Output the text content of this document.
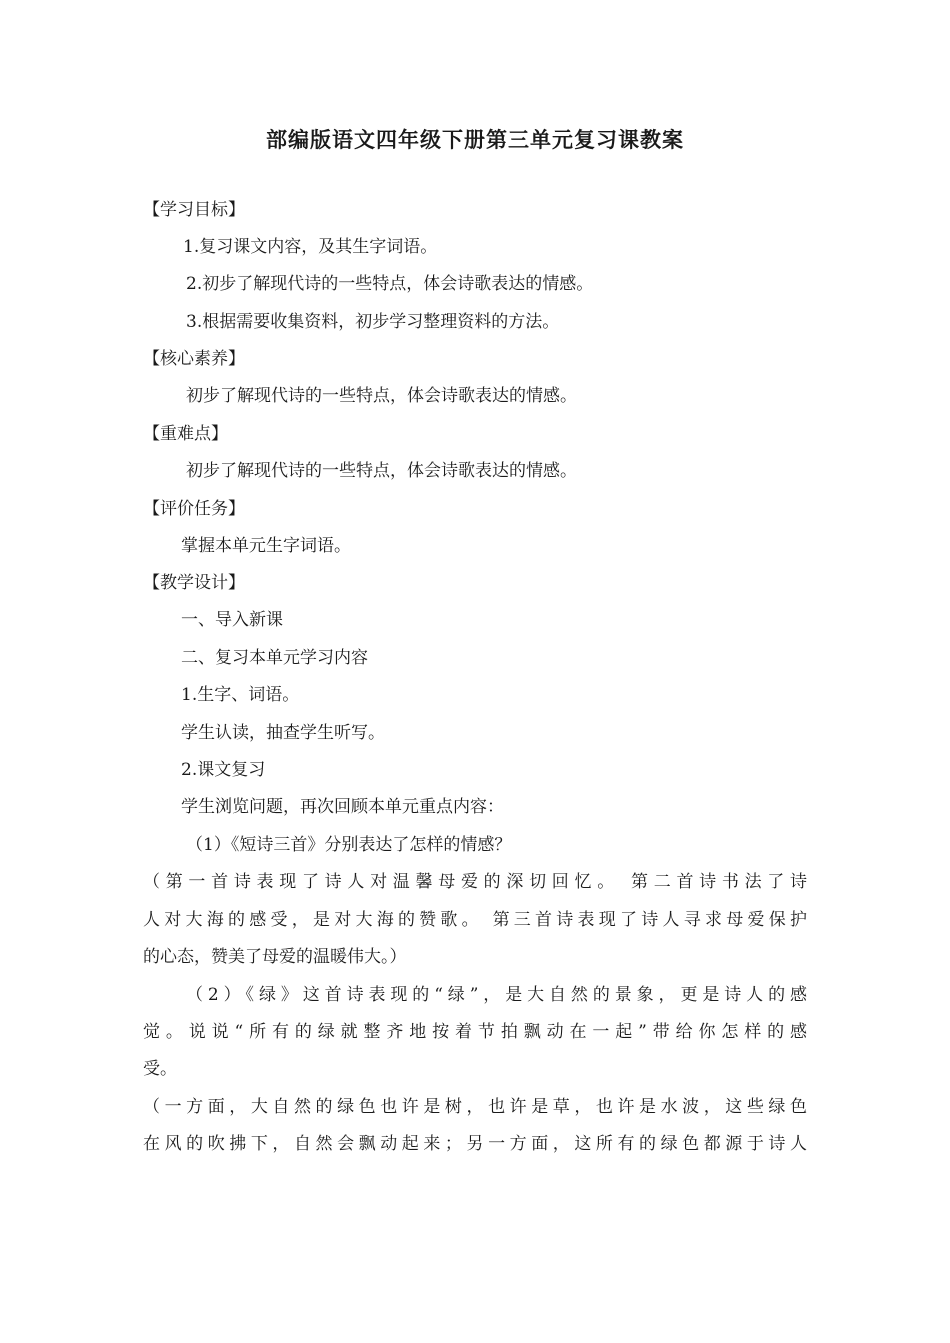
部编版语文四年级下册第三单元复习课教案
【学习目标】
1.复习课文内容，及其生字词语。
2.初步了解现代诗的一些特点，体会诗歌表达的情感。
3.根据需要收集资料，初步学习整理资料的方法。
【核心素养】
初步了解现代诗的一些特点，体会诗歌表达的情感。
【重难点】
初步了解现代诗的一些特点，体会诗歌表达的情感。
【评价任务】
掌握本单元生字词语。
【教学设计】
一、导入新课
二、复习本单元学习内容
1.生字、词语。
学生认读，抽查学生听写。
2.课文复习
学生浏览问题，再次回顾本单元重点内容：
（1）《短诗三首》分别表达了怎样的情感？
（第一首诗表现了诗人对温馨母爱的深切回忆。 第二首诗书法了诗
人对大海的感受，是对大海的赞歌。 第三首诗表现了诗人寻求母爱保护
的心态，赞美了母爱的温暖伟大。）
（2）《绿》这首诗表现的“绿”，是大自然的景象，更是诗人的感
觉。说说“所有的绿就整齐地按着节拍飘动在一起”带给你怎样的感
受。
（一方面，大自然的绿色也许是树，也许是草，也许是水波，这些绿色
在风的吹拂下，自然会飘动起来；另一方面，这所有的绿色都源于诗人
